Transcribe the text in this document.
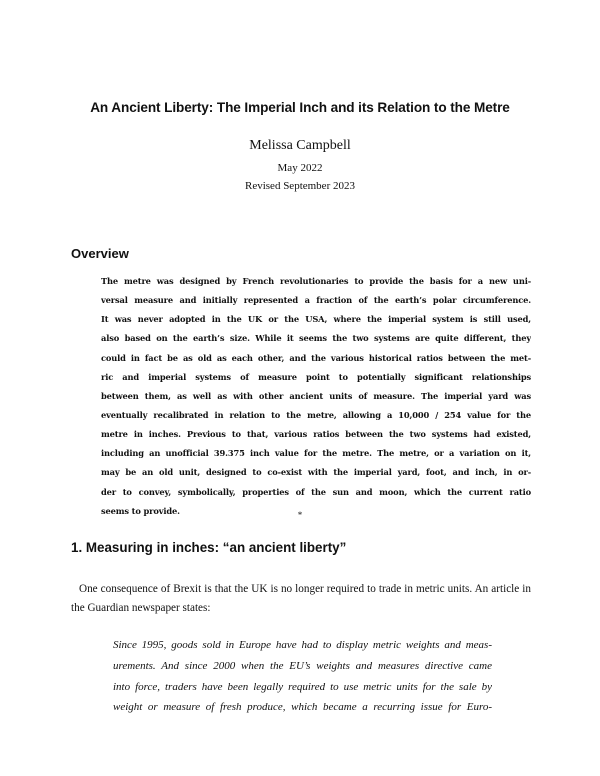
An Ancient Liberty: The Imperial Inch and its Relation to the Metre
Melissa Campbell
May 2022
Revised September 2023
Overview
The metre was designed by French revolutionaries to provide the basis for a new uni-
versal measure and initially represented a fraction of the earth’s polar circumference.
It was never adopted in the UK or the USA, where the imperial system is still used,
also based on the earth’s size. While it seems the two systems are quite different, they
could in fact be as old as each other, and the various historical ratios between the met-
ric and imperial systems of measure point to potentially significant relationships
between them, as well as with other ancient units of measure. The imperial yard was
eventually recalibrated in relation to the metre, allowing a 10,000 / 254 value for the
metre in inches. Previous to that, various ratios between the two systems had existed,
including an unofficial 39.375 inch value for the metre. The metre, or a variation on it,
may be an old unit, designed to co-exist with the imperial yard, foot, and inch, in or-
der to convey, symbolically, properties of the sun and moon, which the current ratio
seems to provide.	*
1. Measuring in inches: “an ancient liberty”
One consequence of Brexit is that the UK is no longer required to trade in metric units. An article in
the Guardian newspaper states:
Since 1995, goods sold in Europe have had to display metric weights and meas-
urements. And since 2000 when the EU’s weights and measures directive came
into force, traders have been legally required to use metric units for the sale by
weight or measure of fresh produce, which became a recurring issue for Euro-
